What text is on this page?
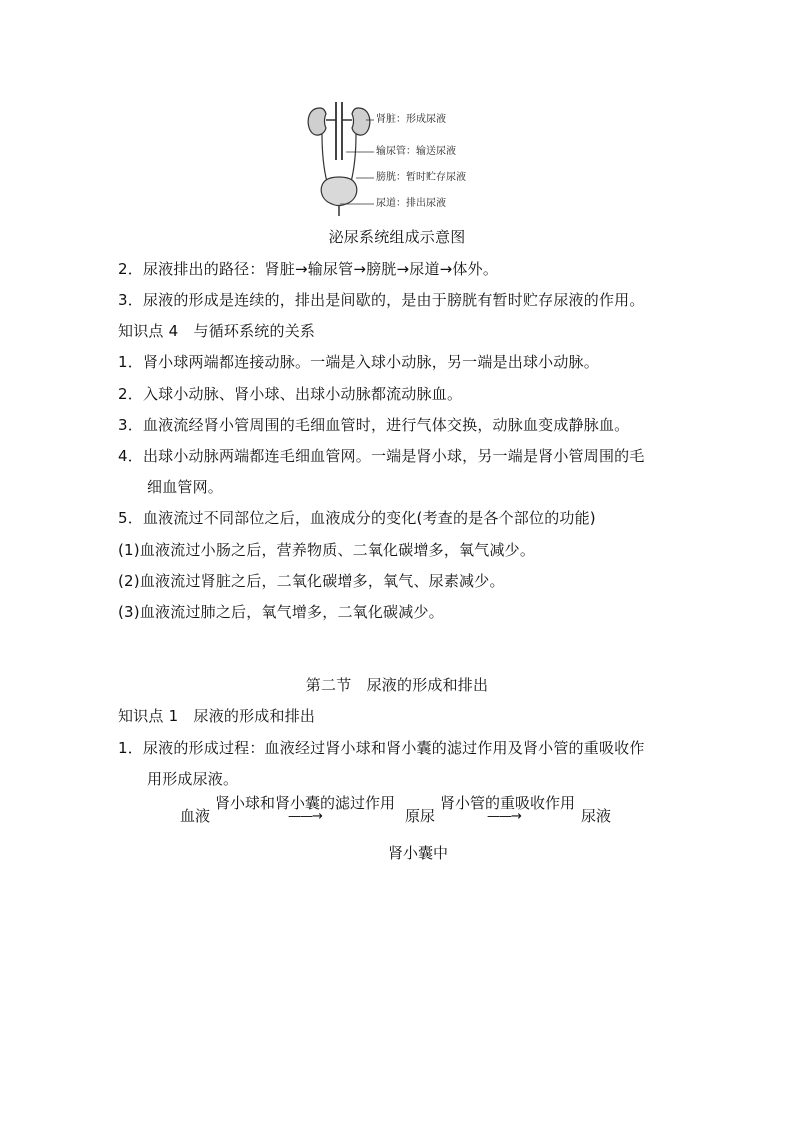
肾脏：形成尿液
输尿管：输送尿液
膀胱：暂时贮存尿液
尿道：排出尿液
泌尿系统组成示意图
2．尿液排出的路径：肾脏→输尿管→膀胱→尿道→体外。
3．尿液的形成是连续的，排出是间歇的，是由于膀胱有暂时贮存尿液的作用。
知识点 4　与循环系统的关系
1．肾小球两端都连接动脉。一端是入球小动脉，另一端是出球小动脉。
2．入球小动脉、肾小球、出球小动脉都流动脉血。
3．血液流经肾小管周围的毛细血管时，进行气体交换，动脉血变成静脉血。
4．出球小动脉两端都连毛细血管网。一端是肾小球，另一端是肾小管周围的毛
细血管网。
5．血液流过不同部位之后，血液成分的变化(考查的是各个部位的功能)
(1)血液流过小肠之后，营养物质、二氧化碳增多，氧气减少。
(2)血液流过肾脏之后，二氧化碳增多，氧气、尿素减少。
(3)血液流过肺之后，氧气增多，二氧化碳减少。
第二节　尿液的形成和排出
知识点 1　尿液的形成和排出
1．尿液的形成过程：血液经过肾小球和肾小囊的滤过作用及肾小管的重吸收作
用形成尿液。
血液
肾小球和肾小囊的滤过作用
——→	原尿
肾小管的重吸收作用
——→	尿液
肾小囊中
